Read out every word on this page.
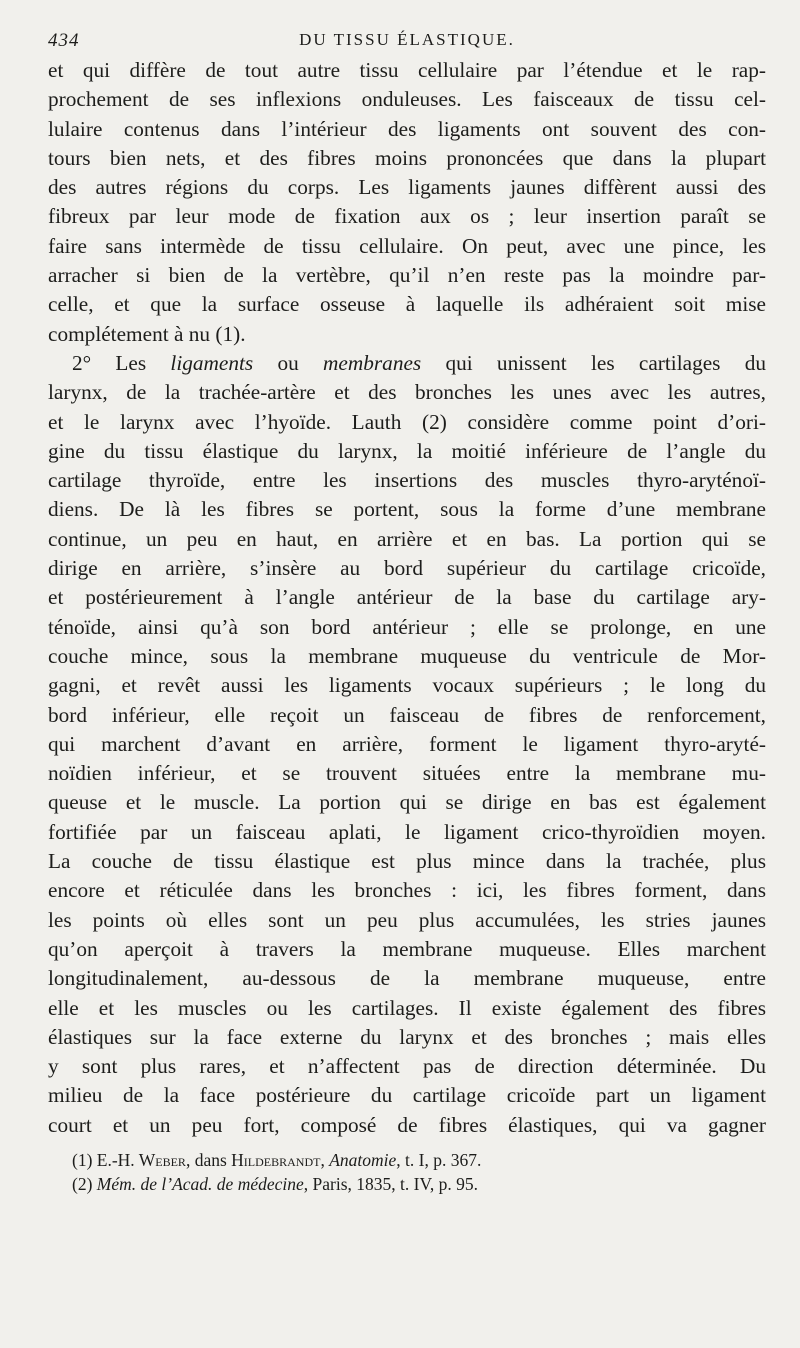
434	DU TISSU ÉLASTIQUE.

et qui diffère de tout autre tissu cellulaire par l’étendue et le rap-
prochement de ses inflexions onduleuses. Les faisceaux de tissu cel-
lulaire contenus dans l’intérieur des ligaments ont souvent des con-
tours bien nets, et des fibres moins prononcées que dans la plupart
des autres régions du corps. Les ligaments jaunes diffèrent aussi des
fibreux par leur mode de fixation aux os ; leur insertion paraît se
faire sans intermède de tissu cellulaire. On peut, avec une pince, les
arracher si bien de la vertèbre, qu’il n’en reste pas la moindre par-
celle, et que la surface osseuse à laquelle ils adhéraient soit mise
complétement à nu (1).

2° Les ligaments ou membranes qui unissent les cartilages du
larynx, de la trachée-artère et des bronches les unes avec les autres,
et le larynx avec l’hyoïde. Lauth (2) considère comme point d’ori-
gine du tissu élastique du larynx, la moitié inférieure de l’angle du
cartilage thyroïde, entre les insertions des muscles thyro-aryténoï-
diens. De là les fibres se portent, sous la forme d’une membrane
continue, un peu en haut, en arrière et en bas. La portion qui se
dirige en arrière, s’insère au bord supérieur du cartilage cricoïde,
et postérieurement à l’angle antérieur de la base du cartilage ary-
ténoïde, ainsi qu’à son bord antérieur ; elle se prolonge, en une
couche mince, sous la membrane muqueuse du ventricule de Mor-
gagni, et revêt aussi les ligaments vocaux supérieurs ; le long du
bord inférieur, elle reçoit un faisceau de fibres de renforcement,
qui marchent d’avant en arrière, forment le ligament thyro-aryté-
noïdien inférieur, et se trouvent situées entre la membrane mu-
queuse et le muscle. La portion qui se dirige en bas est également
fortifiée par un faisceau aplati, le ligament crico-thyroïdien moyen.
La couche de tissu élastique est plus mince dans la trachée, plus
encore et réticulée dans les bronches : ici, les fibres forment, dans
les points où elles sont un peu plus accumulées, les stries jaunes
qu’on aperçoit à travers la membrane muqueuse. Elles marchent
longitudinalement, au-dessous de la membrane muqueuse, entre
elle et les muscles ou les cartilages. Il existe également des fibres
élastiques sur la face externe du larynx et des bronches ; mais elles
y sont plus rares, et n’affectent pas de direction déterminée. Du
milieu de la face postérieure du cartilage cricoïde part un ligament
court et un peu fort, composé de fibres élastiques, qui va gagner

(1) E.-H. Weber, dans Hildebrandt, Anatomie, t. I, p. 367.
(2) Mém. de l’Acad. de médecine, Paris, 1835, t. IV, p. 95.
